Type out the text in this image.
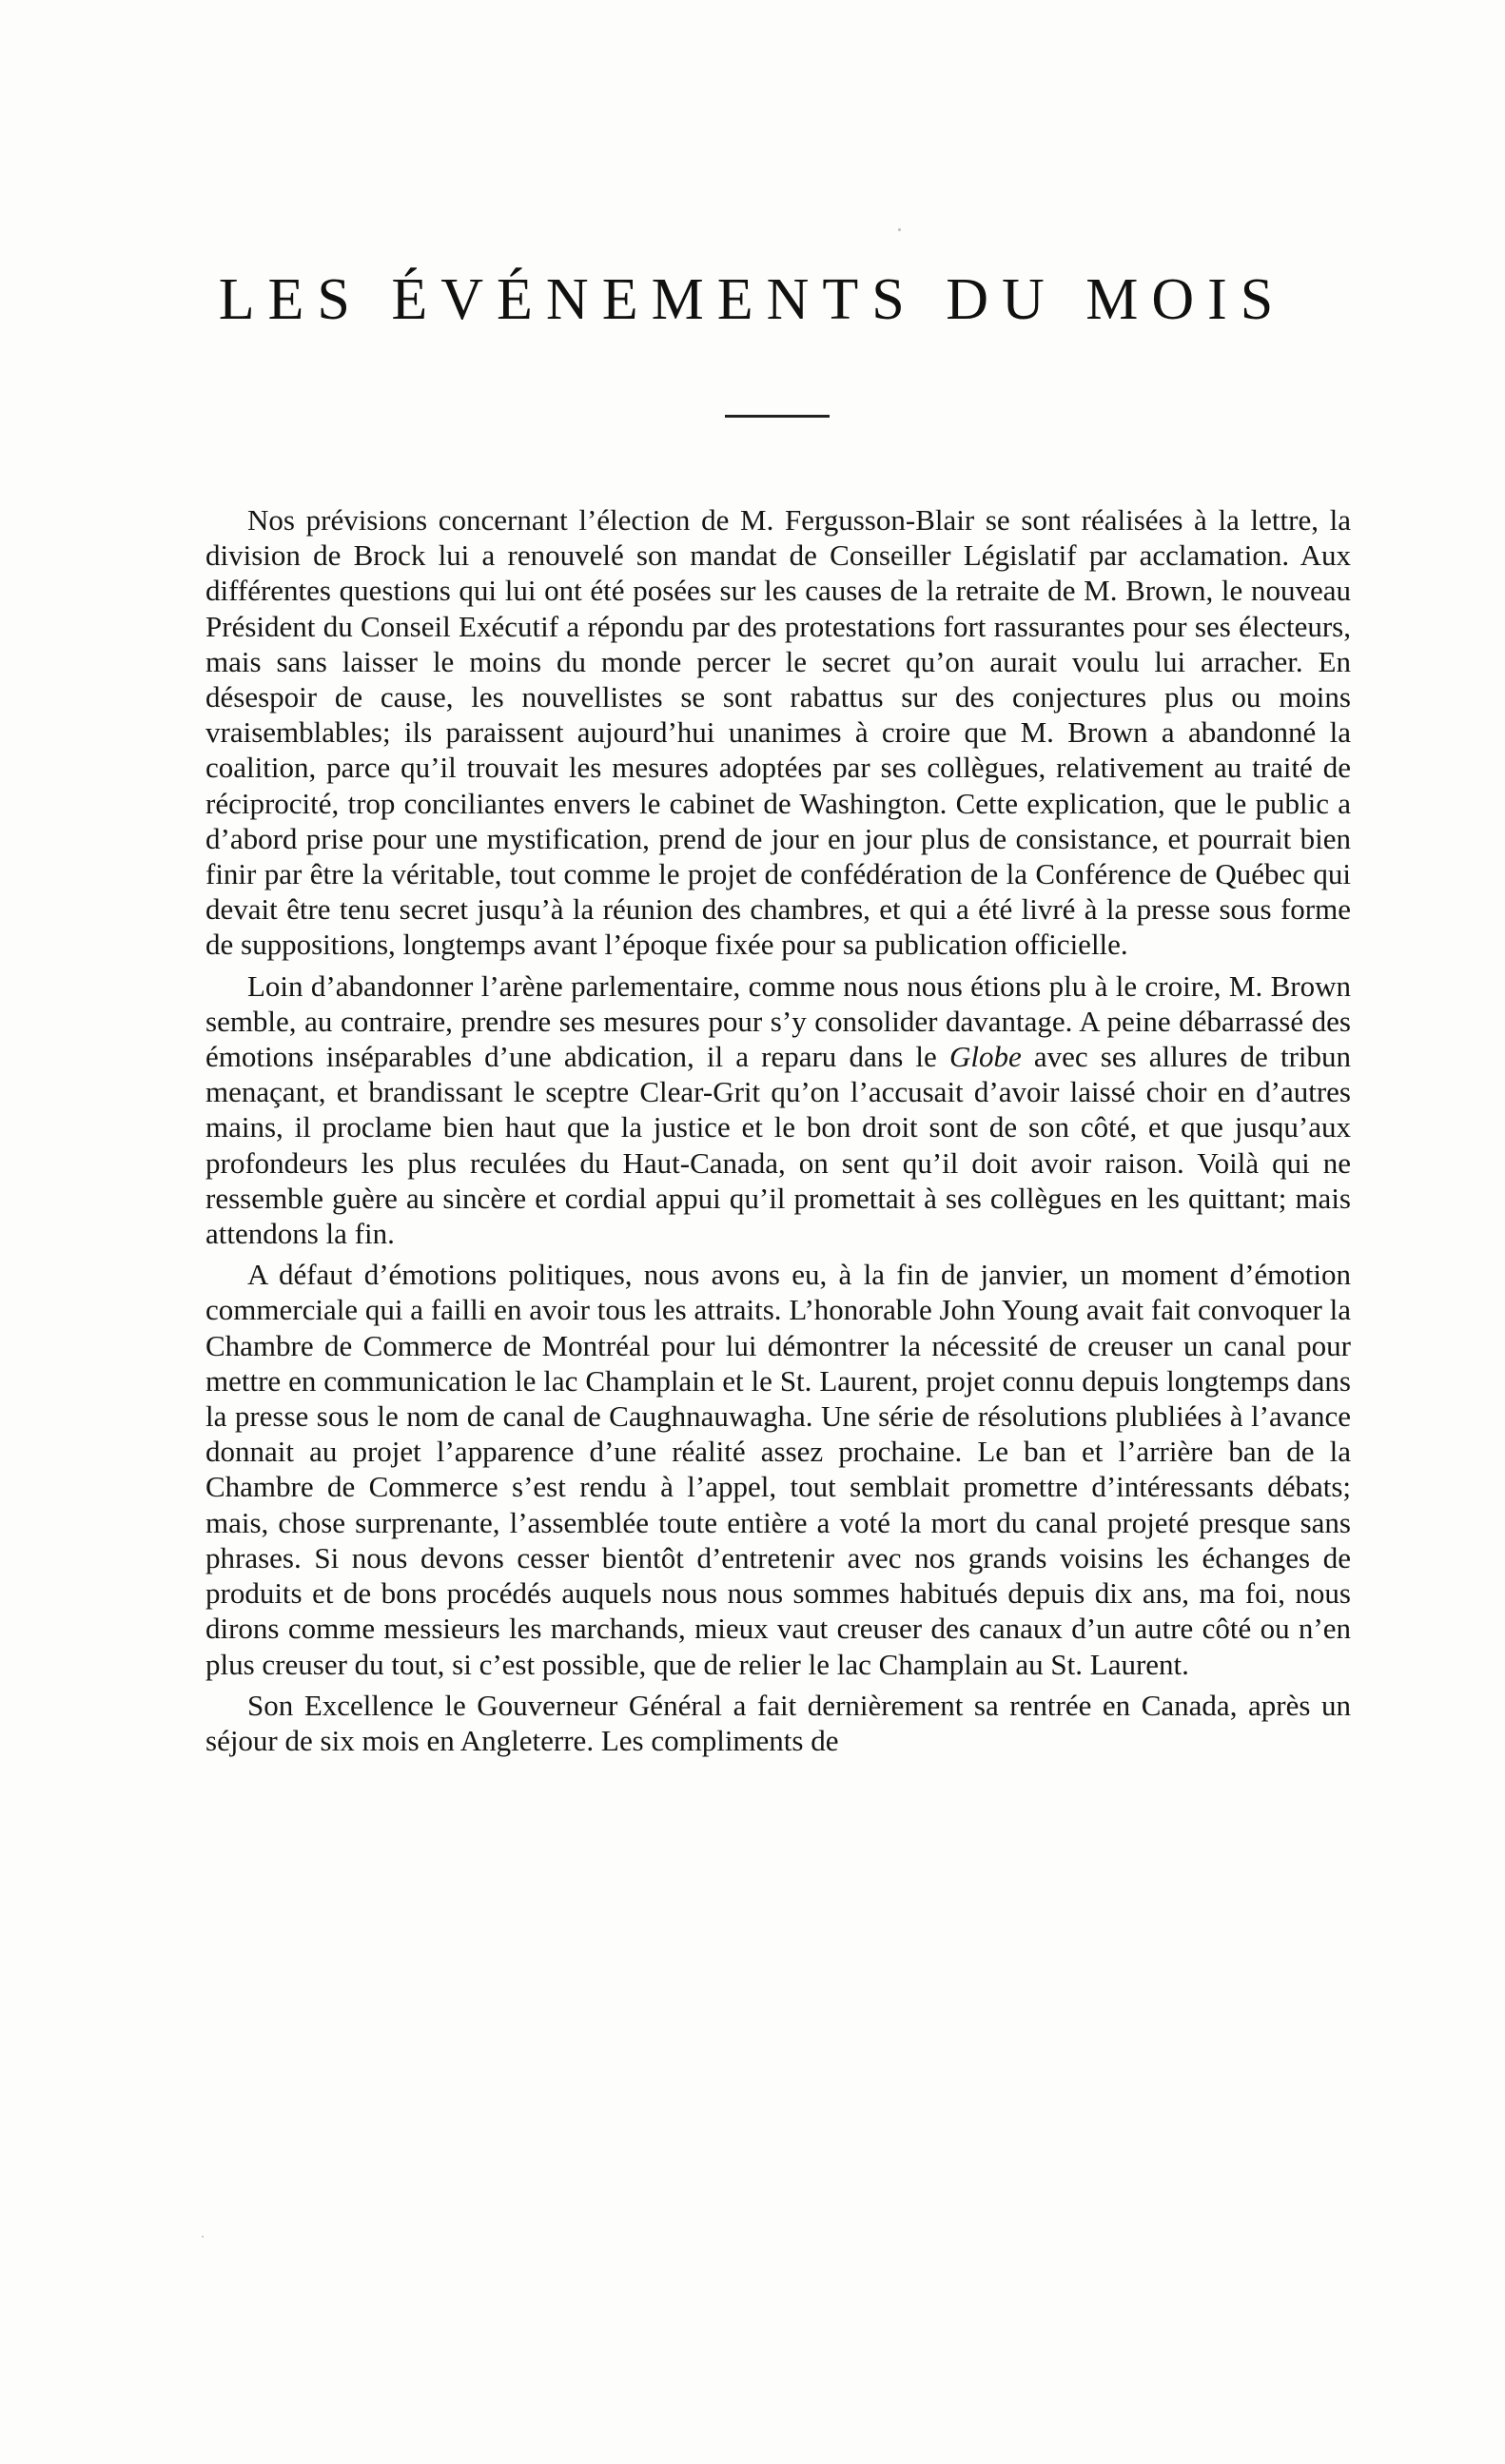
LES ÉVÉNEMENTS DU MOIS

Nos prévisions concernant l’élection de M. Fergusson-Blair se sont réalisées à la lettre, la division de Brock lui a renouvelé son mandat de Conseiller Législatif par acclamation. Aux différentes questions qui lui ont été posées sur les causes de la retraite de M. Brown, le nouveau Président du Conseil Exécutif a répondu par des protestations fort rassurantes pour ses électeurs, mais sans laisser le moins du monde percer le secret qu’on aurait voulu lui arracher. En désespoir de cause, les nouvellistes se sont rabattus sur des conjectures plus ou moins vraisemblables; ils paraissent aujourd’hui unanimes à croire que M. Brown a abandonné la coalition, parce qu’il trouvait les mesures adoptées par ses collègues, relativement au traité de réciprocité, trop conciliantes envers le cabinet de Washington. Cette explication, que le public a d’abord prise pour une mystification, prend de jour en jour plus de consistance, et pourrait bien finir par être la véritable, tout comme le projet de confédération de la Conférence de Québec qui devait être tenu secret jusqu’à la réunion des chambres, et qui a été livré à la presse sous forme de suppositions, longtemps avant l’époque fixée pour sa publication officielle.

Loin d’abandonner l’arène parlementaire, comme nous nous étions plu à le croire, M. Brown semble, au contraire, prendre ses mesures pour s’y consolider davantage. A peine débarrassé des émotions inséparables d’une abdication, il a reparu dans le Globe avec ses allures de tribun menaçant, et brandissant le sceptre Clear-Grit qu’on l’accusait d’avoir laissé choir en d’autres mains, il proclame bien haut que la justice et le bon droit sont de son côté, et que jusqu’aux profondeurs les plus reculées du Haut-Canada, on sent qu’il doit avoir raison. Voilà qui ne ressemble guère au sincère et cordial appui qu’il promettait à ses collègues en les quittant; mais attendons la fin.

A défaut d’émotions politiques, nous avons eu, à la fin de janvier, un moment d’émotion commerciale qui a failli en avoir tous les attraits. L’honorable John Young avait fait convoquer la Chambre de Commerce de Montréal pour lui démontrer la nécessité de creuser un canal pour mettre en communication le lac Champlain et le St. Laurent, projet connu depuis longtemps dans la presse sous le nom de canal de Caughnauwagha. Une série de résolutions plubliées à l’avance donnait au projet l’apparence d’une réalité assez prochaine. Le ban et l’arrière ban de la Chambre de Commerce s’est rendu à l’appel, tout semblait promettre d’intéressants débats; mais, chose surprenante, l’assemblée toute entière a voté la mort du canal projeté presque sans phrases. Si nous devons cesser bientôt d’entretenir avec nos grands voisins les échanges de produits et de bons procédés auquels nous nous sommes habitués depuis dix ans, ma foi, nous dirons comme messieurs les marchands, mieux vaut creuser des canaux d’un autre côté ou n’en plus creuser du tout, si c’est possible, que de relier le lac Champlain au St. Laurent.

Son Excellence le Gouverneur Général a fait dernièrement sa rentrée en Canada, après un séjour de six mois en Angleterre. Les compliments de
